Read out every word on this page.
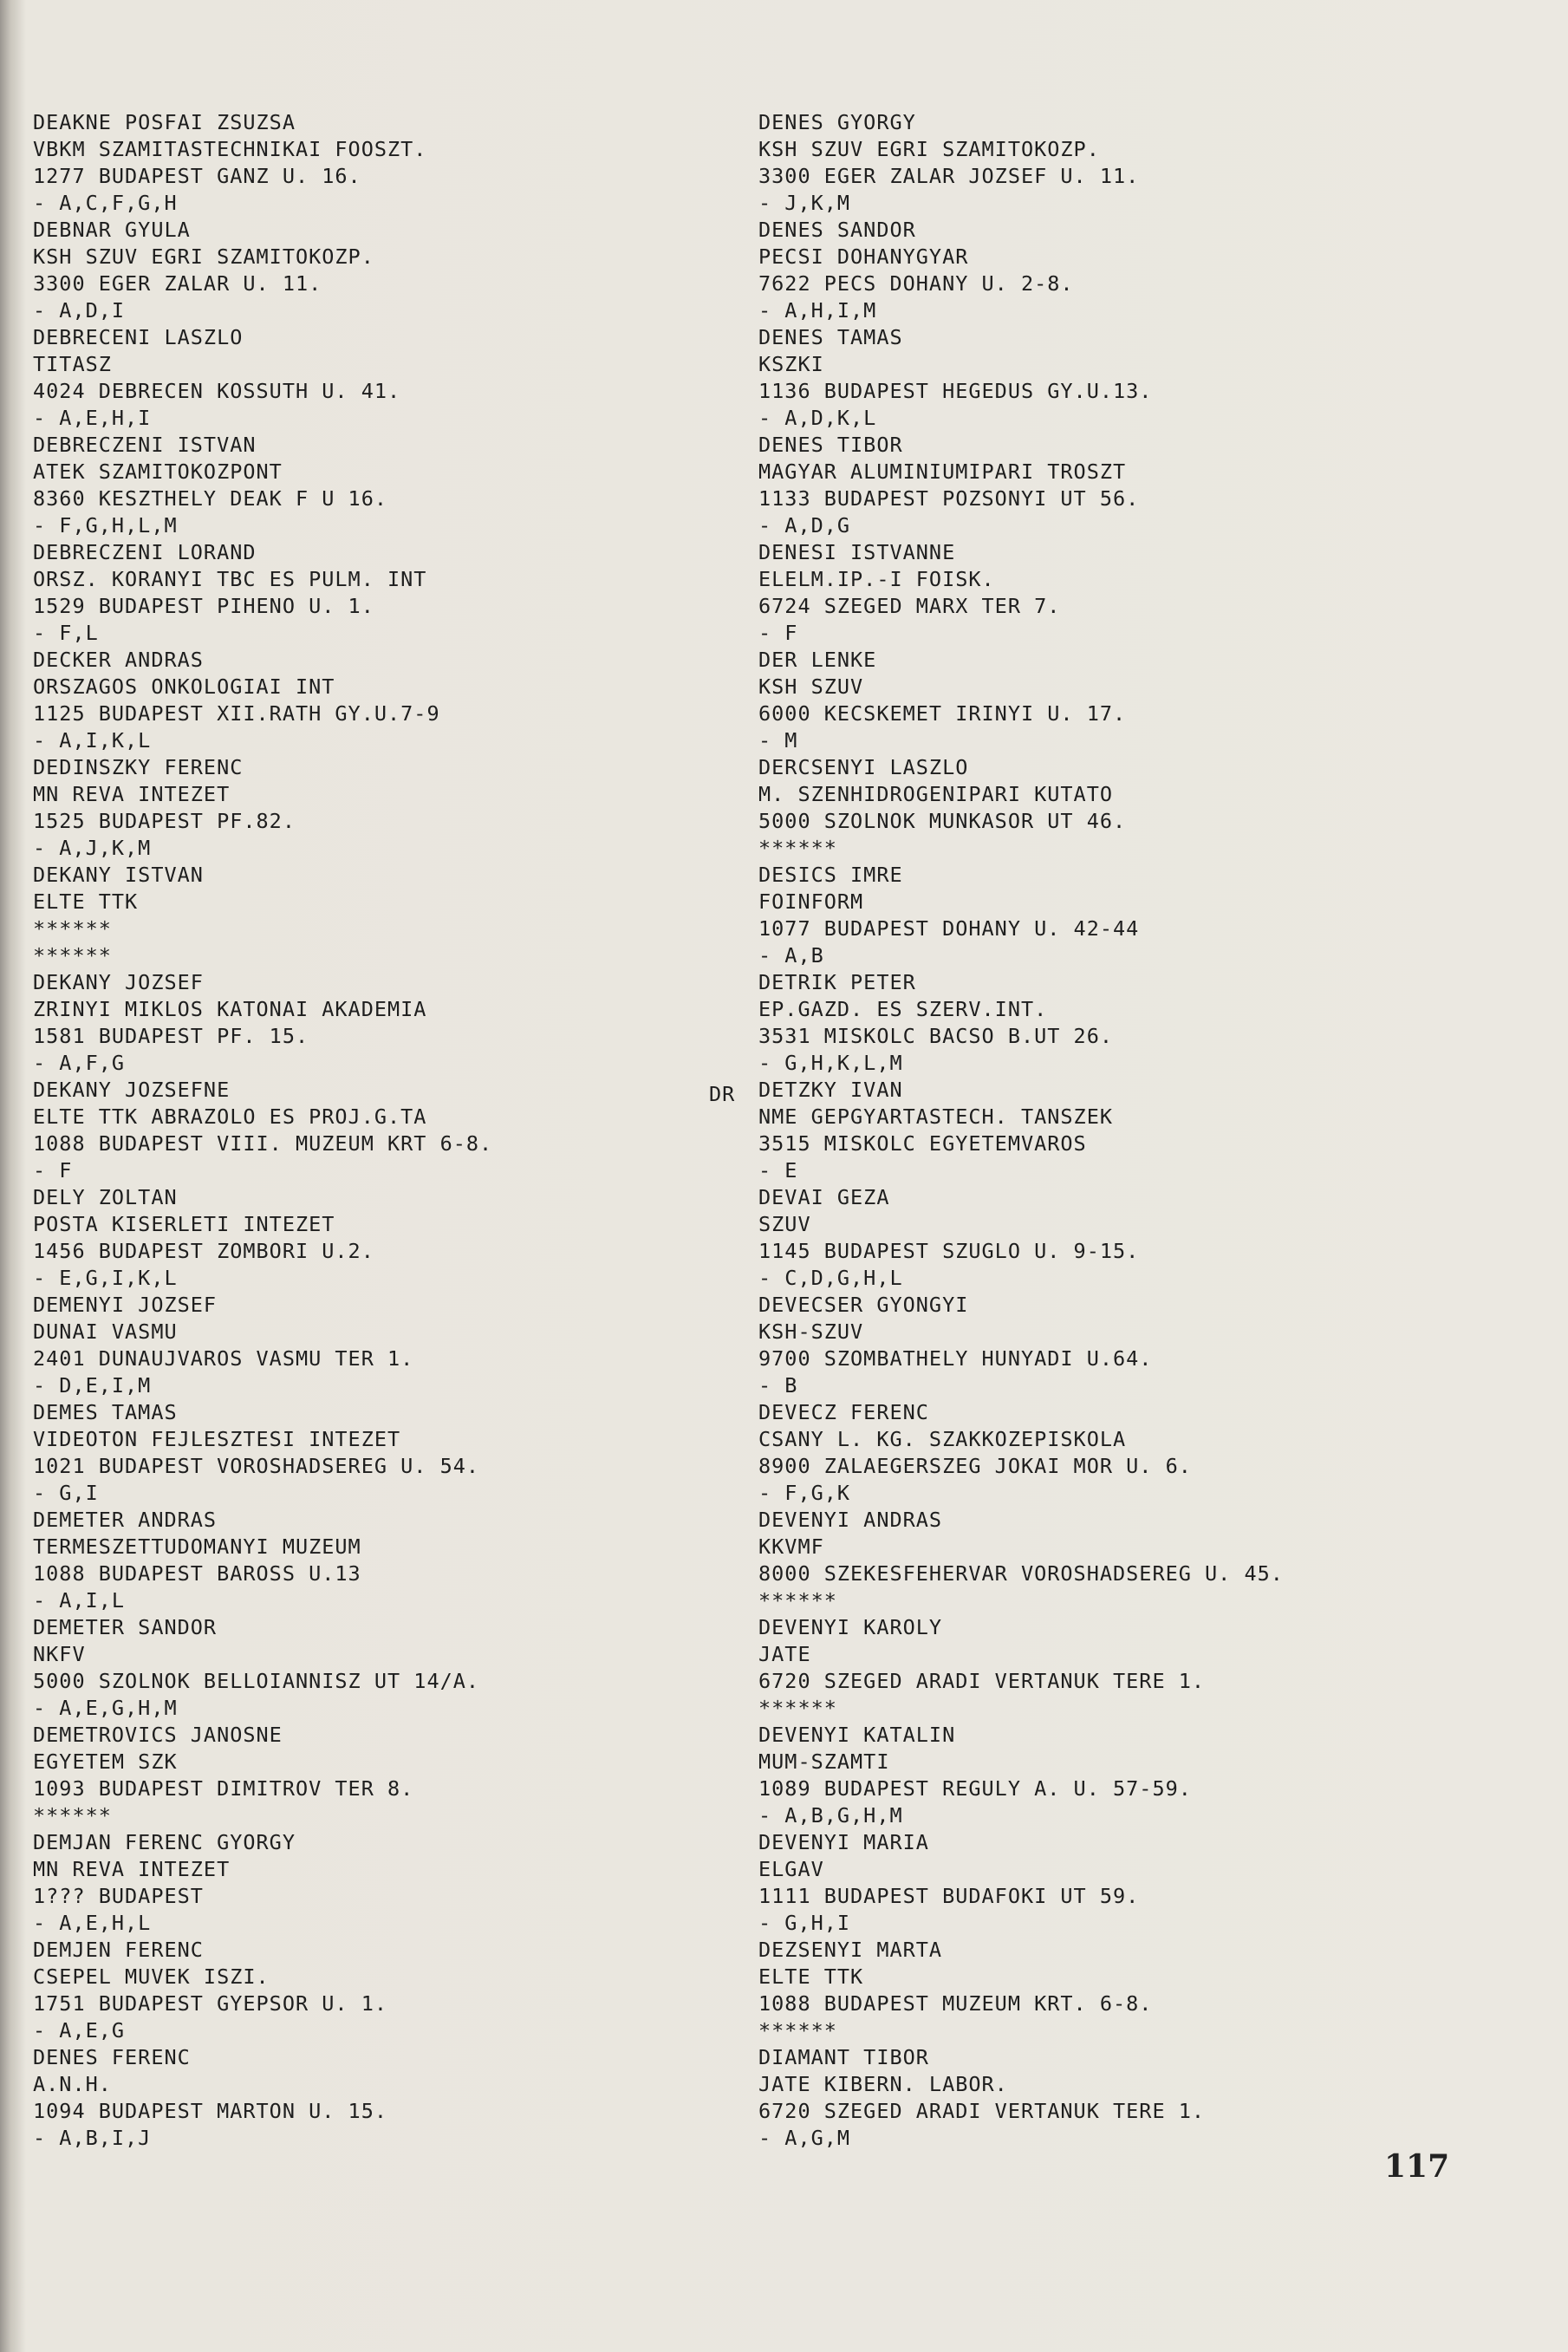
DEAKNE POSFAI ZSUZSA
VBKM SZAMITASTECHNIKAI FOOSZT.
1277 BUDAPEST GANZ U. 16.
- A,C,F,G,H
DEBNAR GYULA
KSH SZUV EGRI SZAMITOKOZP.
3300 EGER ZALAR U. 11.
- A,D,I
DEBRECENI LASZLO
TITASZ
4024 DEBRECEN KOSSUTH U. 41.
- A,E,H,I
DEBRECZENI ISTVAN
ATEK SZAMITOKOZPONT
8360 KESZTHELY DEAK F U 16.
- F,G,H,L,M
DEBRECZENI LORAND
ORSZ. KORANYI TBC ES PULM. INT
1529 BUDAPEST PIHENO U. 1.
- F,L
DECKER ANDRAS
ORSZAGOS ONKOLOGIAI INT
1125 BUDAPEST XII.RATH GY.U.7-9
- A,I,K,L
DEDINSZKY FERENC
MN REVA INTEZET
1525 BUDAPEST PF.82.
- A,J,K,M
DEKANY ISTVAN
ELTE TTK
******
******
DEKANY JOZSEF
ZRINYI MIKLOS KATONAI AKADEMIA
1581 BUDAPEST PF. 15.
- A,F,G
DEKANY JOZSEFNE
ELTE TTK ABRAZOLO ES PROJ.G.TA
1088 BUDAPEST VIII. MUZEUM KRT 6-8.
- F
DELY ZOLTAN
POSTA KISERLETI INTEZET
1456 BUDAPEST ZOMBORI U.2.
- E,G,I,K,L
DEMENYI JOZSEF
DUNAI VASMU
2401 DUNAUJVAROS VASMU TER 1.
- D,E,I,M
DEMES TAMAS
VIDEOTON FEJLESZTESI INTEZET
1021 BUDAPEST VOROSHADSEREG U. 54.
- G,I
DEMETER ANDRAS
TERMESZETTUDOMANYI MUZEUM
1088 BUDAPEST BAROSS U.13
- A,I,L
DEMETER SANDOR
NKFV
5000 SZOLNOK BELLOIANNISZ UT 14/A.
- A,E,G,H,M
DEMETROVICS JANOSNE
EGYETEM SZK
1093 BUDAPEST DIMITROV TER 8.
******
DEMJAN FERENC GYORGY
MN REVA INTEZET
1??? BUDAPEST
- A,E,H,L
DEMJEN FERENC
CSEPEL MUVEK ISZI.
1751 BUDAPEST GYEPSOR U. 1.
- A,E,G
DENES FERENC
A.N.H.
1094 BUDAPEST MARTON U. 15.
- A,B,I,J
DR
DENES GYORGY
KSH SZUV EGRI SZAMITOKOZP.
3300 EGER ZALAR JOZSEF U. 11.
- J,K,M
DENES SANDOR
PECSI DOHANYGYAR
7622 PECS DOHANY U. 2-8.
- A,H,I,M
DENES TAMAS
KSZKI
1136 BUDAPEST HEGEDUS GY.U.13.
- A,D,K,L
DENES TIBOR
MAGYAR ALUMINIUMIPARI TROSZT
1133 BUDAPEST POZSONYI UT 56.
- A,D,G
DENESI ISTVANNE
ELELM.IP.-I FOISK.
6724 SZEGED MARX TER 7.
- F
DER LENKE
KSH SZUV
6000 KECSKEMET IRINYI U. 17.
- M
DERCSENYI LASZLO
M. SZENHIDROGENIPARI KUTATO
5000 SZOLNOK MUNKASOR UT 46.
******
DESICS IMRE
FOINFORM
1077 BUDAPEST DOHANY U. 42-44
- A,B
DETRIK PETER
EP.GAZD. ES SZERV.INT.
3531 MISKOLC BACSO B.UT 26.
- G,H,K,L,M
DETZKY IVAN
NME GEPGYARTASTECH. TANSZEK
3515 MISKOLC EGYETEMVAROS
- E
DEVAI GEZA
SZUV
1145 BUDAPEST SZUGLO U. 9-15.
- C,D,G,H,L
DEVECSER GYONGYI
KSH-SZUV
9700 SZOMBATHELY HUNYADI U.64.
- B
DEVECZ FERENC
CSANY L. KG. SZAKKOZEPISKOLA
8900 ZALAEGERSZEG JOKAI MOR U. 6.
- F,G,K
DEVENYI ANDRAS
KKVMF
8000 SZEKESFEHERVAR VOROSHADSEREG U. 45.
******
DEVENYI KAROLY
JATE
6720 SZEGED ARADI VERTANUK TERE 1.
******
DEVENYI KATALIN
MUM-SZAMTI
1089 BUDAPEST REGULY A. U. 57-59.
- A,B,G,H,M
DEVENYI MARIA
ELGAV
1111 BUDAPEST BUDAFOKI UT 59.
- G,H,I
DEZSENYI MARTA
ELTE TTK
1088 BUDAPEST MUZEUM KRT. 6-8.
******
DIAMANT TIBOR
JATE KIBERN. LABOR.
6720 SZEGED ARADI VERTANUK TERE 1.
- A,G,M
117
